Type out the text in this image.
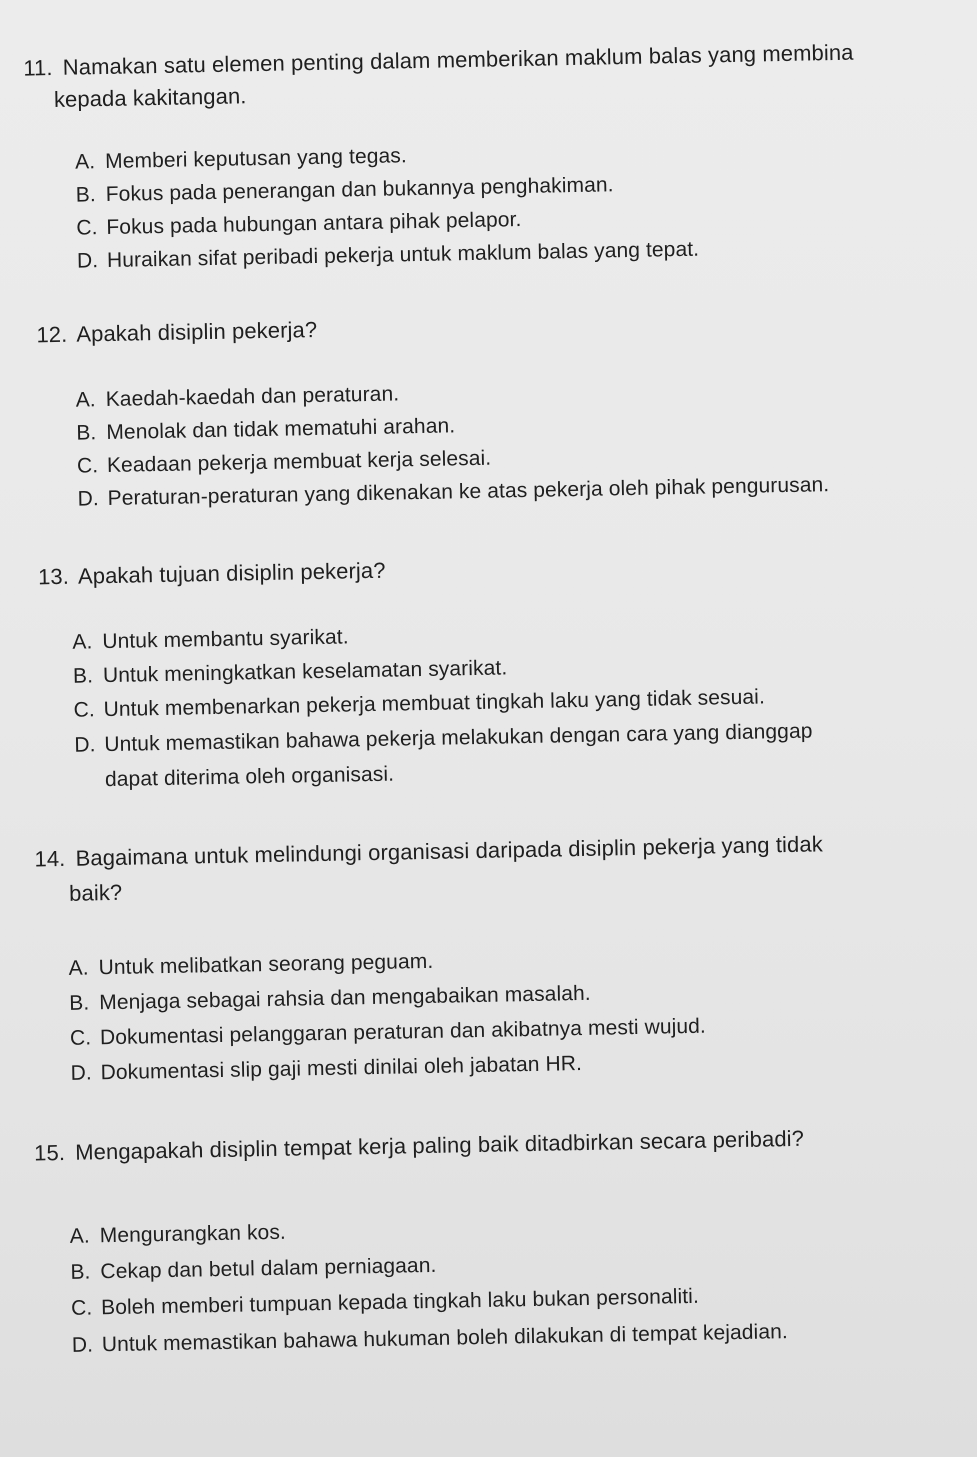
11. Namakan satu elemen penting dalam memberikan maklum balas yang membina
kepada kakitangan.
A. Memberi keputusan yang tegas.
B. Fokus pada penerangan dan bukannya penghakiman.
C. Fokus pada hubungan antara pihak pelapor.
D. Huraikan sifat peribadi pekerja untuk maklum balas yang tepat.
12. Apakah disiplin pekerja?
A. Kaedah-kaedah dan peraturan.
B. Menolak dan tidak mematuhi arahan.
C. Keadaan pekerja membuat kerja selesai.
D. Peraturan-peraturan yang dikenakan ke atas pekerja oleh pihak pengurusan.
13. Apakah tujuan disiplin pekerja?
A. Untuk membantu syarikat.
B. Untuk meningkatkan keselamatan syarikat.
C. Untuk membenarkan pekerja membuat tingkah laku yang tidak sesuai.
D. Untuk memastikan bahawa pekerja melakukan dengan cara yang dianggap
dapat diterima oleh organisasi.
14. Bagaimana untuk melindungi organisasi daripada disiplin pekerja yang tidak
baik?
A. Untuk melibatkan seorang peguam.
B. Menjaga sebagai rahsia dan mengabaikan masalah.
C. Dokumentasi pelanggaran peraturan dan akibatnya mesti wujud.
D. Dokumentasi slip gaji mesti dinilai oleh jabatan HR.
15. Mengapakah disiplin tempat kerja paling baik ditadbirkan secara peribadi?
A. Mengurangkan kos.
B. Cekap dan betul dalam perniagaan.
C. Boleh memberi tumpuan kepada tingkah laku bukan personaliti.
D. Untuk memastikan bahawa hukuman boleh dilakukan di tempat kejadian.
